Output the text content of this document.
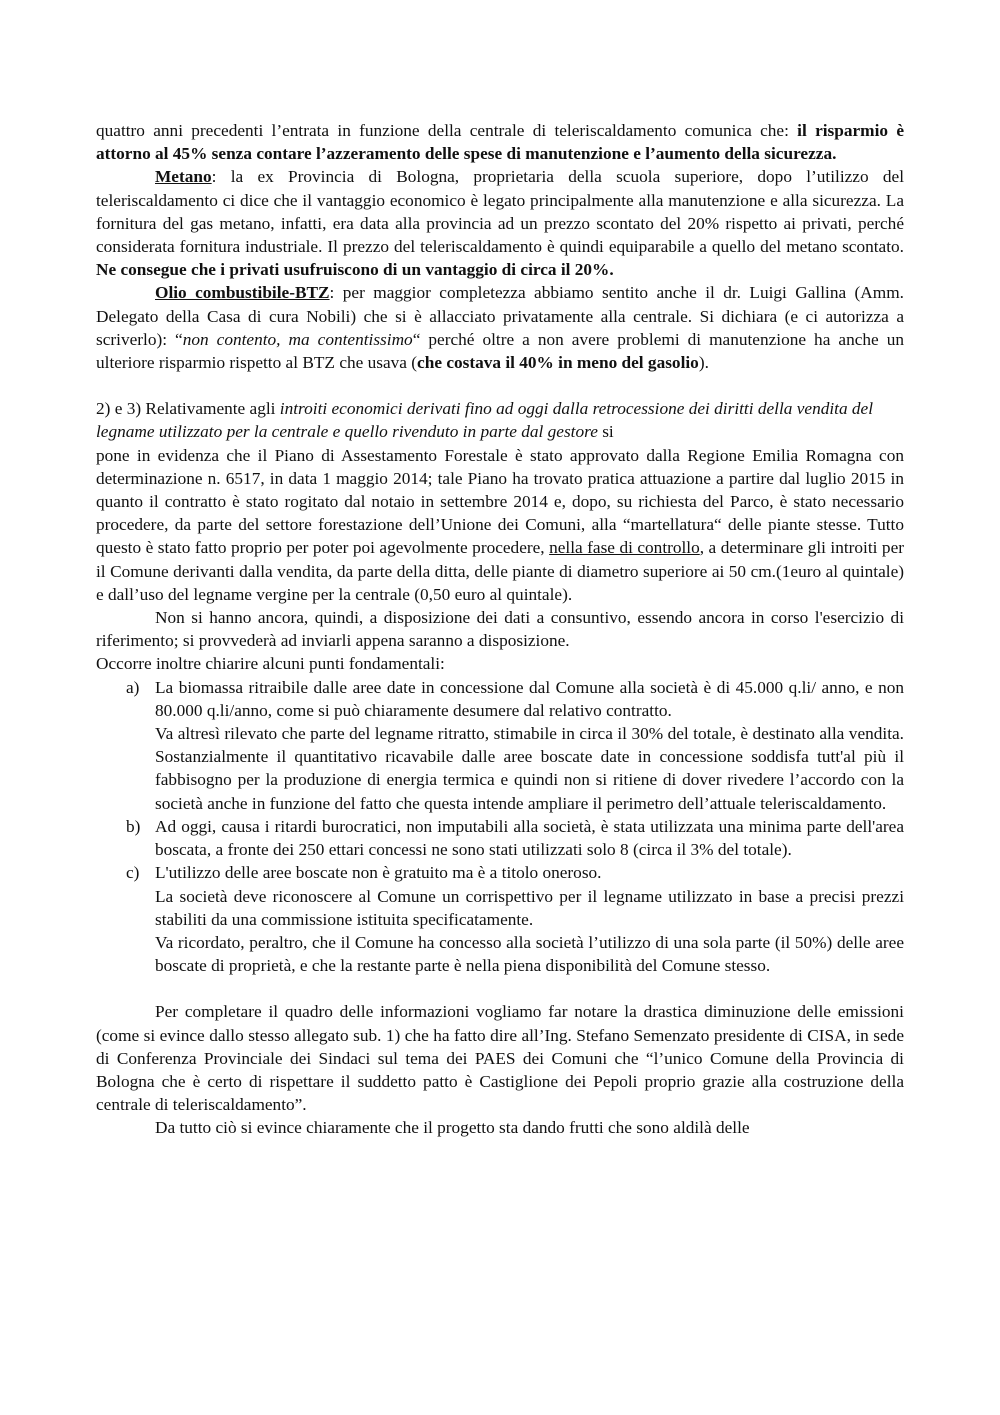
quattro anni precedenti l’entrata in funzione della centrale di teleriscaldamento comunica che: il risparmio è attorno al 45% senza contare l’azzeramento delle spese di manutenzione e l’aumento della sicurezza.

Metano: la ex Provincia di Bologna, proprietaria della scuola superiore, dopo l’utilizzo del teleriscaldamento ci dice che il vantaggio economico è legato principalmente alla manutenzione e alla sicurezza. La fornitura del gas metano, infatti, era data alla provincia ad un prezzo scontato del 20% rispetto ai privati, perché considerata fornitura industriale. Il prezzo del teleriscaldamento è quindi equiparabile a quello del metano scontato. Ne consegue che i privati usufruiscono di un vantaggio di circa il 20%.

Olio combustibile-BTZ: per maggior completezza abbiamo sentito anche il dr. Luigi Gallina (Amm. Delegato della Casa di cura Nobili) che si è allacciato privatamente alla centrale. Si dichiara (e ci autorizza a scriverlo): “non contento, ma contentissimo“ perché oltre a non avere problemi di manutenzione ha anche un ulteriore risparmio rispetto al BTZ che usava (che costava il 40% in meno del gasolio).

2) e 3) Relativamente agli introiti economici derivati fino ad oggi dalla retrocessione dei diritti della vendita del legname utilizzato per la centrale e quello rivenduto in parte dal gestore si

pone in evidenza che il Piano di Assestamento Forestale è stato approvato dalla Regione Emilia Romagna con determinazione n. 6517, in data 1 maggio 2014; tale Piano ha trovato pratica attuazione a partire dal luglio 2015 in quanto il contratto è stato rogitato dal notaio in settembre 2014 e, dopo, su richiesta del Parco, è stato necessario procedere, da parte del settore forestazione dell’Unione dei Comuni, alla “martellatura“ delle piante stesse. Tutto questo è stato fatto proprio per poter poi agevolmente procedere, nella fase di controllo, a determinare gli introiti per il Comune derivanti dalla vendita, da parte della ditta, delle piante di diametro superiore ai 50 cm.(1euro al quintale) e dall’uso del legname vergine per la centrale (0,50 euro al quintale).

Non si hanno ancora, quindi, a disposizione dei dati a consuntivo, essendo ancora in corso l'esercizio di riferimento; si provvederà ad inviarli appena saranno a disposizione.

Occorre inoltre chiarire alcuni punti fondamentali:

a) La biomassa ritraibile dalle aree date in concessione dal Comune alla società è di 45.000 q.li/ anno, e non 80.000 q.li/anno, come si può chiaramente desumere dal relativo contratto.

Va altresì rilevato che parte del legname ritratto, stimabile in circa il 30% del totale, è destinato alla vendita. Sostanzialmente il quantitativo ricavabile dalle aree boscate date in concessione soddisfa tutt'al più il fabbisogno per la produzione di energia termica e quindi non si ritiene di dover rivedere l’accordo con la società anche in funzione del fatto che questa intende ampliare il perimetro dell’attuale teleriscaldamento.

b) Ad oggi, causa i ritardi burocratici, non imputabili alla società, è stata utilizzata una minima parte dell'area boscata, a fronte dei 250 ettari concessi ne sono stati utilizzati solo 8 (circa il 3% del totale).

c) L'utilizzo delle aree boscate non è gratuito ma è a titolo oneroso.

La società deve riconoscere al Comune un corrispettivo per il legname utilizzato in base a precisi prezzi stabiliti da una commissione istituita specificatamente.

Va ricordato, peraltro, che il Comune ha concesso alla società l’utilizzo di una sola parte (il 50%) delle aree boscate di proprietà, e che la restante parte è nella piena disponibilità del Comune stesso.

Per completare il quadro delle informazioni vogliamo far notare la drastica diminuzione delle emissioni (come si evince dallo stesso allegato sub. 1) che ha fatto dire all’Ing. Stefano Semenzato presidente di CISA, in sede di Conferenza Provinciale dei Sindaci sul tema dei PAES dei Comuni che “l’unico Comune della Provincia di Bologna che è certo di rispettare il suddetto patto è Castiglione dei Pepoli proprio grazie alla costruzione della centrale di teleriscaldamento”.

Da tutto ciò si evince chiaramente che il progetto sta dando frutti che sono aldilà delle
